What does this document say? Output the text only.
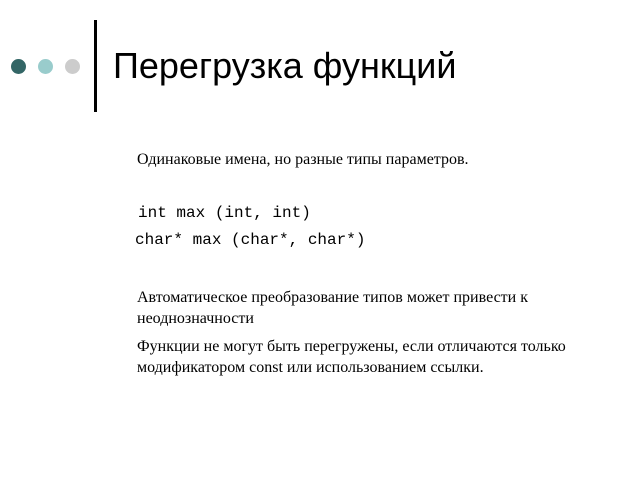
Перегрузка функций
Одинаковые имена, но разные типы параметров.
int max (int, int)
char* max (char*, char*)
Автоматическое преобразование типов может привести к неоднозначности
Функции не могут быть перегружены, если отличаются только модификатором const или использованием ссылки.
